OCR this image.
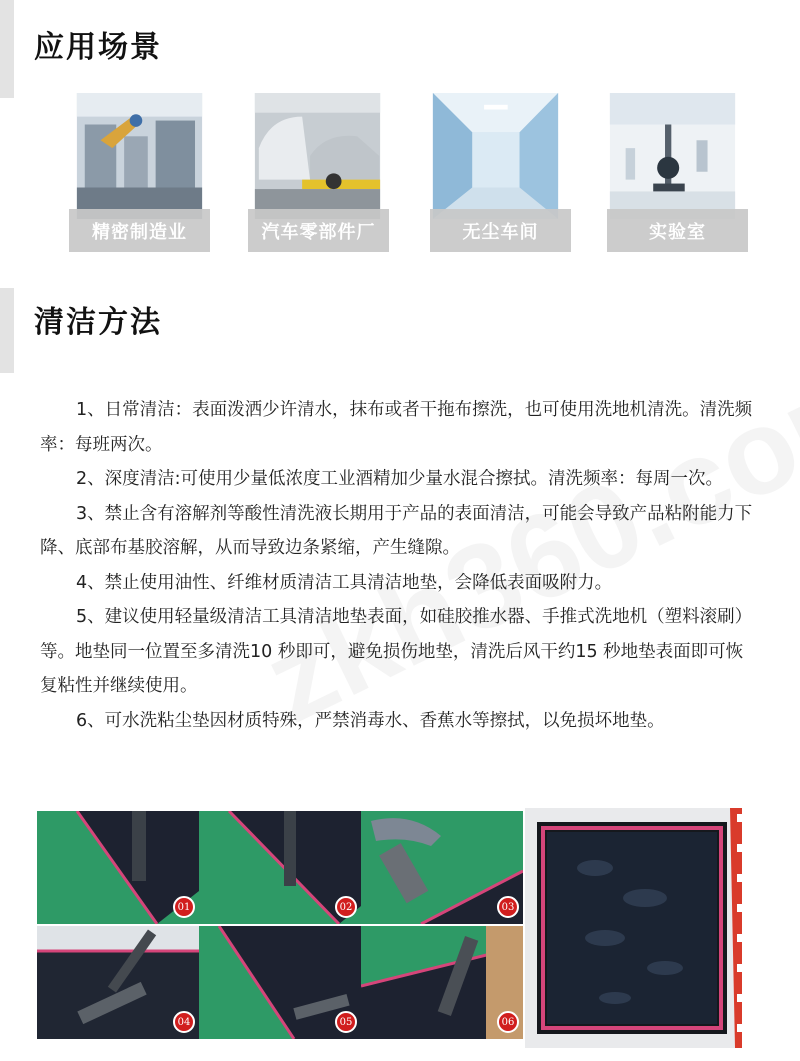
应用场景
精密制造业	汽车零部件厂	无尘车间	实验室
清洁方法

1、日常清洁：表面泼洒少许清水，抹布或者干拖布擦洗，也可使用洗地机清洗。清洗频率：每班两次。

2、深度清洁:可使用少量低浓度工业酒精加少量水混合擦拭。清洗频率：每周一次。

3、禁止含有溶解剂等酸性清洗液长期用于产品的表面清洁，可能会导致产品粘附能力下降、底部布基胶溶解，从而导致边条紧缩，产生缝隙。

4、禁止使用油性、纤维材质清洁工具清洁地垫，会降低表面吸附力。

5、建议使用轻量级清洁工具清洁地垫表面，如硅胶推水器、手推式洗地机（塑料滚刷）等。地垫同一位置至多清洗10 秒即可，避免损伤地垫，清洗后风干约15 秒地垫表面即可恢复粘性并继续使用。

6、可水洗粘尘垫因材质特殊，严禁消毒水、香蕉水等擦拭，以免损坏地垫。

01	02	03
04	05	06
